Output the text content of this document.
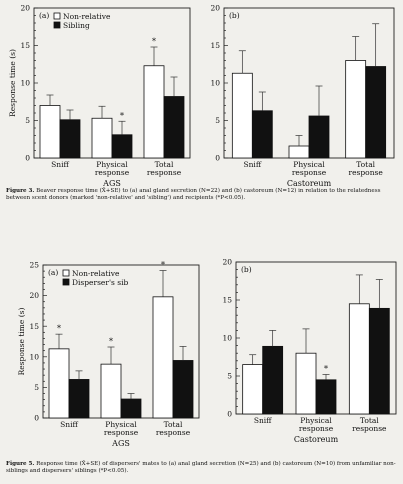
0
5
10
15
20
Response time (s)
(a) Non-relative
Sibling
Sniff	Physical
response
Total
response
*
*
AGS
0
5
10
15
20
(b)
Sniff	Physical
response
Total
response
Castoreum
0
5
10
15
20
25
Response time (s)
(a) Non-relative
Disperser's sib
Sniff	Physical
response
Total
response
*
*
*
AGS
0
5
10
15
20
(b)
Sniff	Physical
response
Total
response
*
Castoreum
Figure 3. Beaver response time (X̄+SE) to (a) anal gland secretion (N=22) and (b) castoreum (N=12) in relation to the relatedness between scent donors (marked 'non-relative' and 'sibling') and recipients (*P<0.05).
Figure 5. Response time (X̄+SE) of dispersers' mates to (a) anal gland secretion (N=25) and (b) castoreum (N=10) from unfamiliar non-siblings and dispersers' siblings (*P<0.05).
